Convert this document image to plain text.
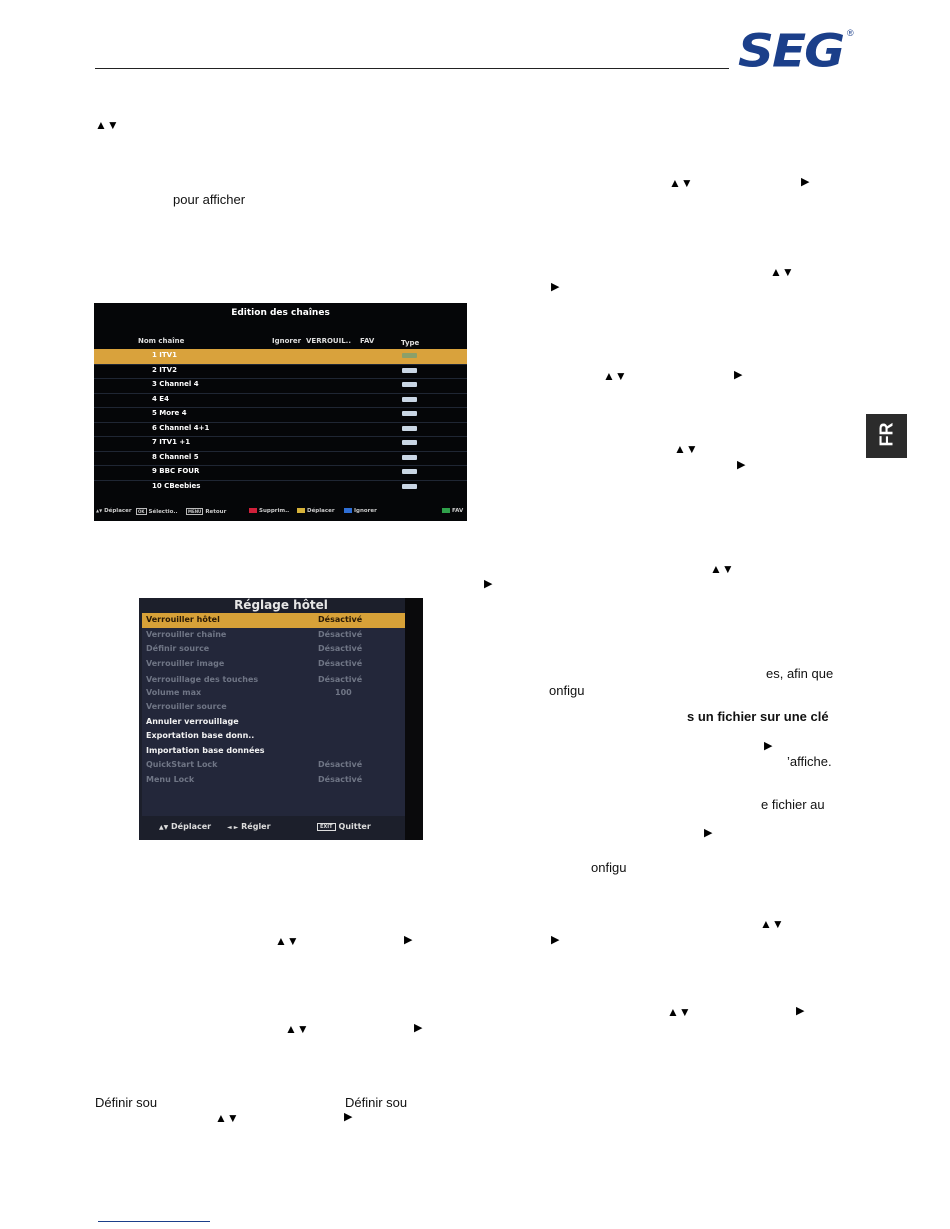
SEG ®
FR
▲▼
▲▼	▶
pour afficher
▲▼
▶
▲▼	▶
▲▼
▶
▲▼
▶
es, afin que
onfigu
s un fichier sur une clé
▶
’affiche.
e fichier au
▶
onfigu
▲▼
▲▼	▶	▶
▲▼	▶
▲▼	▶
Définir sou	Définir sou
▲▼	▶
Edition des chaînes
Nom chaîne	Ignorer VERROUIL.. FAV	Type
1 ITV1
2 ITV2
3 Channel 4
4 E4
5 More 4
6 Channel 4+1
7 ITV1 +1
8 Channel 5
9 BBC FOUR
10 CBeebies
▲▼ Déplacer	OK Sélectio..	MENU Retour	Supprim..	Déplacer	Ignorer	FAV
Réglage hôtel
Verrouiller hôtel	Désactivé
Verrouiller chaîne	Désactivé
Définir source	Désactivé
Verrouiller image	Désactivé
Verrouillage des touches	Désactivé
Volume max	100
Verrouiller source
Annuler verrouillage
Exportation base donn..
Importation base données
QuickStart Lock	Désactivé
Menu Lock	Désactivé
▲▼ Déplacer	◄ ► Régler	EXIT Quitter
